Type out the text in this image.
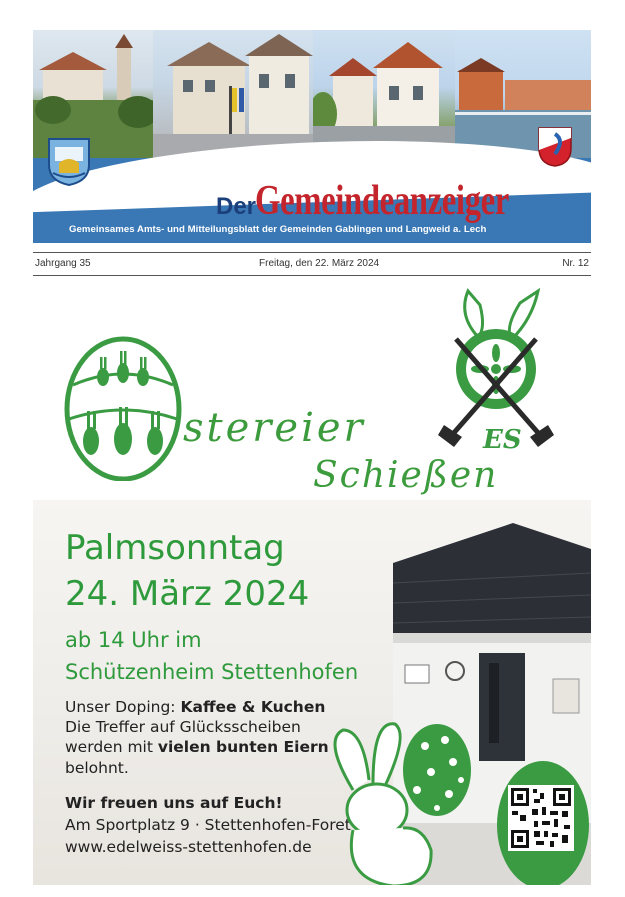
Der
Gemeindeanzeiger
Gemeinsames Amts- und Mitteilungsblatt der Gemeinden Gablingen und Langweid a. Lech
Jahrgang 35	Freitag, den 22. März 2024	Nr. 12
ES
stereier
Schießen
Palmsonntag
24. März 2024
ab 14 Uhr im
Schützenheim Stettenhofen
Unser Doping: Kaffee & Kuchen
Die Treffer auf Glücksscheiben
werden mit vielen bunten Eiern
belohnt.
Wir freuen uns auf Euch!
Am Sportplatz 9 · Stettenhofen-Foret
www.edelweiss-stettenhofen.de
